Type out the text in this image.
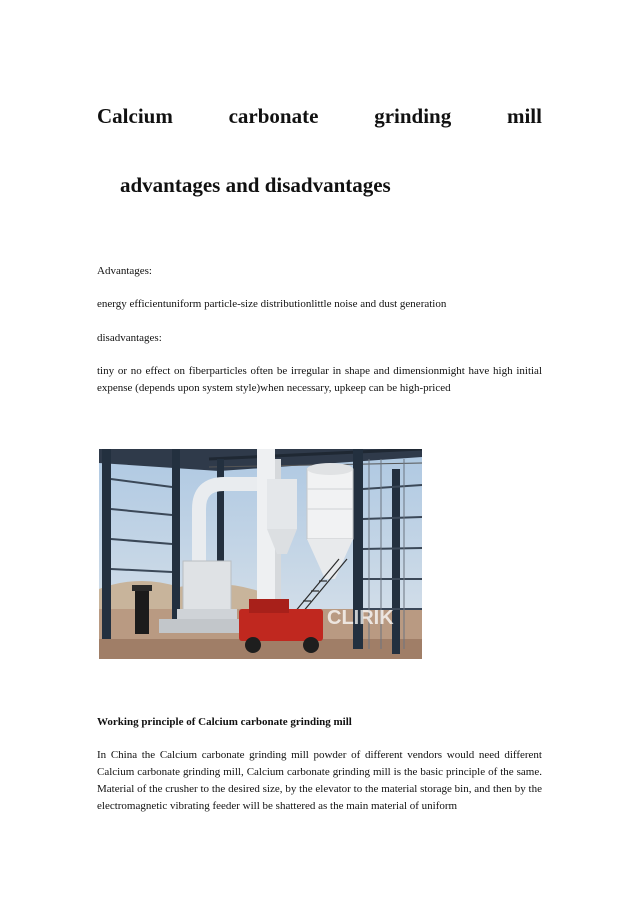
Calcium	carbonate	grinding	mill
advantages and disadvantages
Advantages:
energy efficientuniform particle-size distributionlittle noise and dust generation
disadvantages:
tiny or no effect on fiberparticles often be irregular in shape and dimensionmight have high initial expense (depends upon system style)when necessary, upkeep can be high-priced
CLIRIK
Working principle of Calcium carbonate grinding mill
In China the Calcium carbonate grinding mill powder of different vendors would need different Calcium carbonate grinding mill, Calcium carbonate grinding mill is the basic principle of the same. Material of the crusher to the desired size, by the elevator to the material storage bin, and then by the electromagnetic vibrating feeder will be shattered as the main material of uniform
